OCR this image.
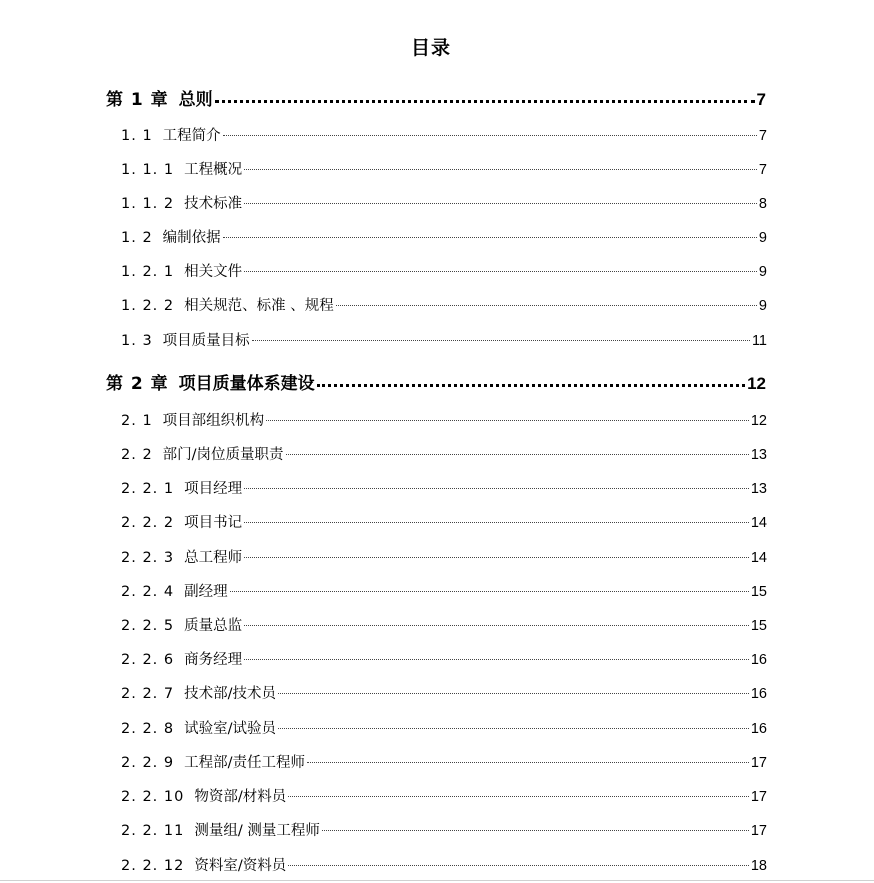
目录
第 1 章 总则	7
1. 1 工程简介	7
1. 1. 1 工程概况	7
1. 1. 2 技术标准	8
1. 2 编制依据	9
1. 2. 1 相关文件	9
1. 2. 2 相关规范、标准 、规程	9
1. 3 项目质量目标	11
第 2 章 项目质量体系建设	12
2. 1 项目部组织机构	12
2. 2 部门/岗位质量职责	13
2. 2. 1 项目经理	13
2. 2. 2 项目书记	14
2. 2. 3 总工程师	14
2. 2. 4 副经理	15
2. 2. 5 质量总监	15
2. 2. 6 商务经理	16
2. 2. 7 技术部/技术员	16
2. 2. 8 试验室/试验员	16
2. 2. 9 工程部/责任工程师	17
2. 2. 10 物资部/材料员	17
2. 2. 11 测量组/ 测量工程师	17
2. 2. 12 资料室/资料员	18
